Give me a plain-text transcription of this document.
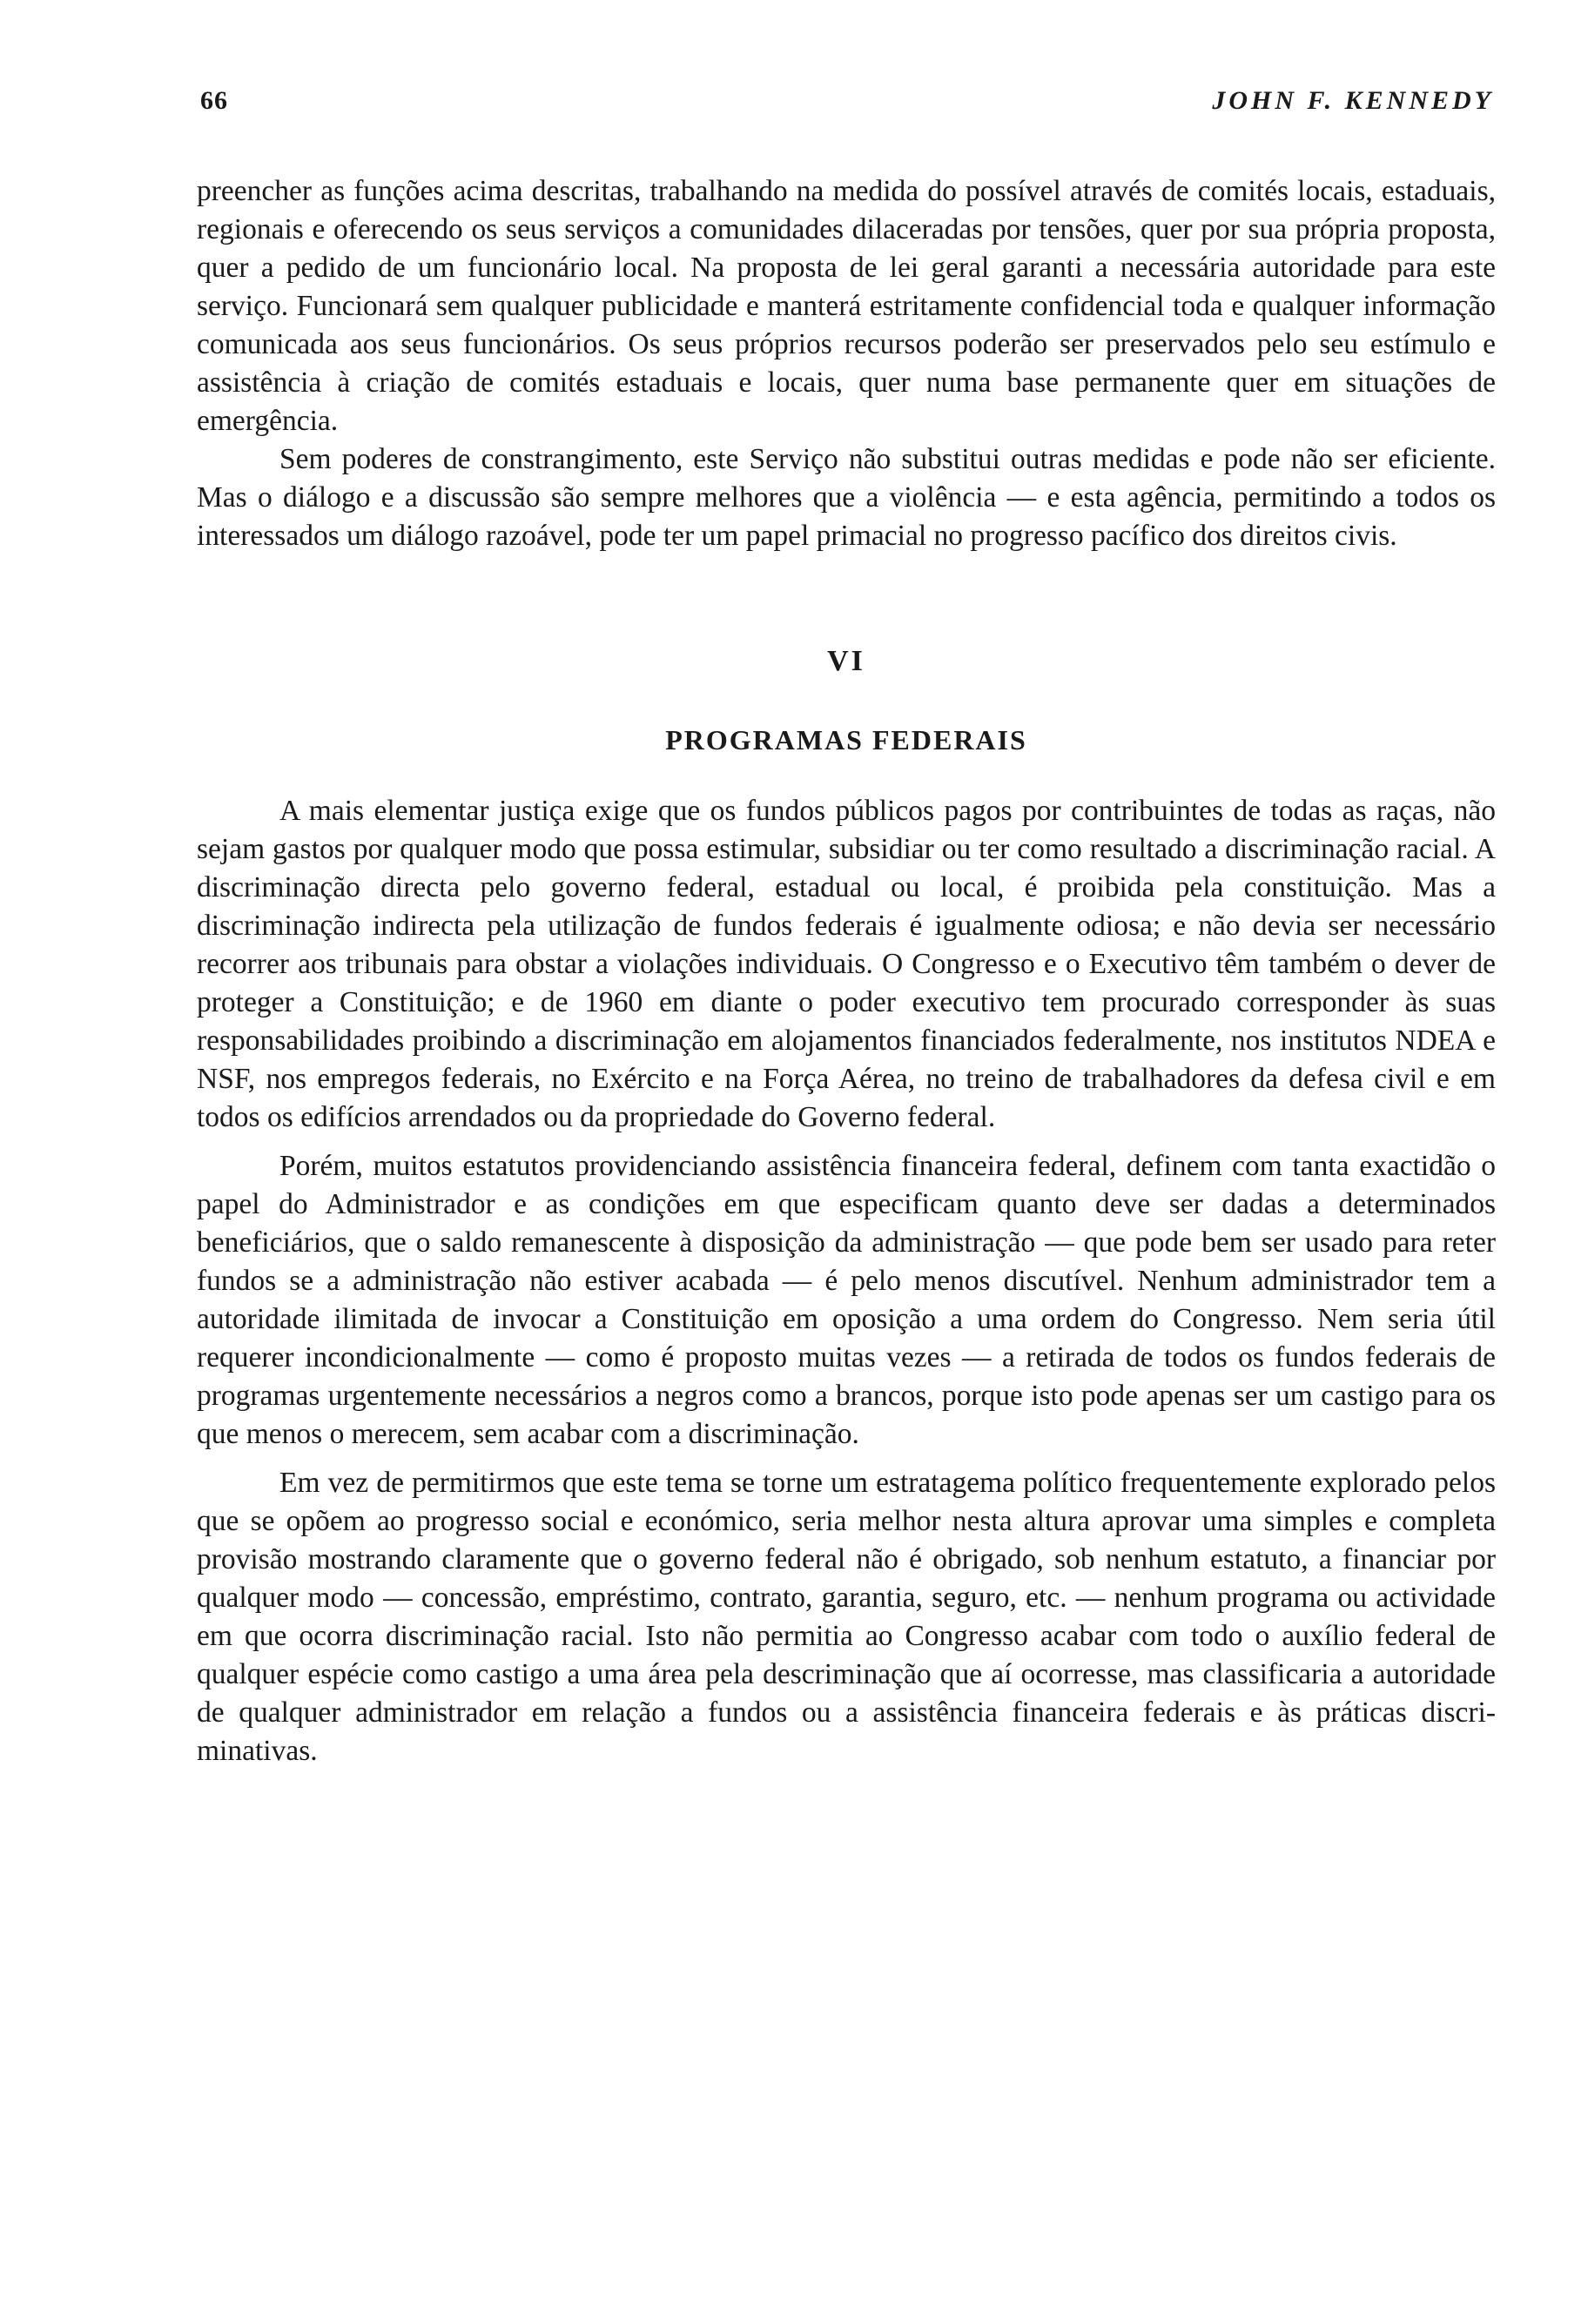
66	JOHN F. KENNEDY

preencher as funções acima descritas, trabalhando na medida do possível através de comités locais, estaduais, regionais e oferecendo os seus serviços a comunidades dilaceradas por tensões, quer por sua própria proposta, quer a pedido de um funcionário local. Na proposta de lei geral garanti a necessária autoridade para este serviço. Funcionará sem qualquer publicidade e manterá estritamente confidencial toda e qualquer informação comunicada aos seus funcionários. Os seus próprios recursos poderão ser preservados pelo seu estímulo e assistência à criação de comités estaduais e locais, quer numa base permanente quer em situações de emergência.

Sem poderes de constrangimento, este Serviço não substitui outras medidas e pode não ser eficiente. Mas o diálogo e a discussão são sempre melhores que a violência — e esta agência, permitindo a todos os interessados um diálogo razoável, pode ter um papel primacial no progresso pacífico dos direitos civis.

VI
PROGRAMAS FEDERAIS

A mais elementar justiça exige que os fundos públicos pagos por contribuintes de todas as raças, não sejam gastos por qualquer modo que possa estimular, subsidiar ou ter como resultado a discriminação racial. A discriminação directa pelo governo federal, estadual ou local, é proibida pela constituição. Mas a discriminação indirecta pela utilização de fundos federais é igualmente odiosa; e não devia ser necessário recorrer aos tribunais para obstar a violações individuais. O Congresso e o Executivo têm também o dever de proteger a Constituição; e de 1960 em diante o poder executivo tem procurado corresponder às suas responsabilidades proibindo a discriminação em alojamentos financiados federalmente, nos institutos NDEA e NSF, nos empregos federais, no Exército e na Força Aérea, no treino de trabalhadores da defesa civil e em todos os edifícios arrendados ou da propriedade do Governo federal.

Porém, muitos estatutos providenciando assistência financeira federal, definem com tanta exactidão o papel do Administrador e as condições em que especificam quanto deve ser dadas a determinados beneficiários, que o saldo remanescente à disposição da administração — que pode bem ser usado para reter fundos se a administração não estiver acabada — é pelo menos discutível. Nenhum administrador tem a autoridade ilimitada de invocar a Constituição em oposição a uma ordem do Congresso. Nem seria útil requerer incondicionalmente — como é proposto muitas vezes — a retirada de todos os fundos federais de programas urgentemente necessários a negros como a brancos, porque isto pode apenas ser um castigo para os que menos o merecem, sem acabar com a discriminação.

Em vez de permitirmos que este tema se torne um estratagema político frequentemente explorado pelos que se opõem ao progresso social e económico, seria melhor nesta altura aprovar uma simples e completa provisão mostrando claramente que o governo federal não é obrigado, sob nenhum estatuto, a financiar por qualquer modo — concessão, empréstimo, contrato, garantia, seguro, etc. — nenhum programa ou actividade em que ocorra discriminação racial. Isto não permitia ao Congresso acabar com todo o auxílio federal de qualquer espécie como castigo a uma área pela descriminação que aí ocorresse, mas classificaria a autoridade de qualquer administrador em relação a fundos ou a assistência financeira federais e às práticas discriminativas.
